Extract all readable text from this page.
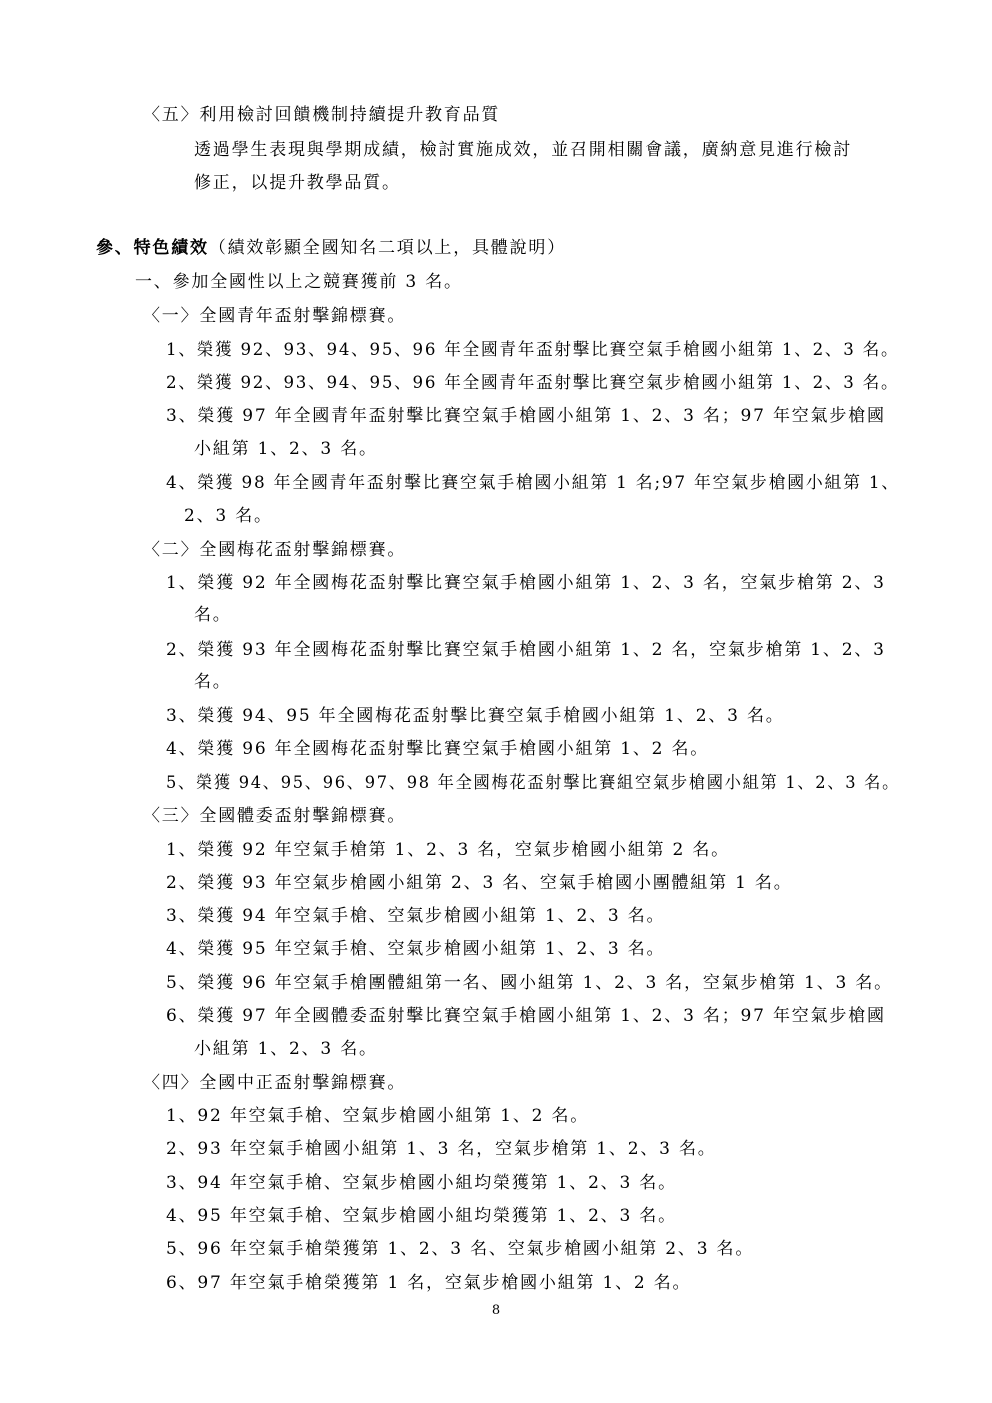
〈五〉利用檢討回饋機制持續提升教育品質
透過學生表現與學期成績，檢討實施成效，並召開相關會議，廣納意見進行檢討
修正，以提升教學品質。
參、特色績效（績效彰顯全國知名二項以上，具體說明）
一、參加全國性以上之競賽獲前 3 名。
〈一〉全國青年盃射擊錦標賽。
1、榮獲 92、93、94、95、96 年全國青年盃射擊比賽空氣手槍國小組第 1、2、3 名。
2、榮獲 92、93、94、95、96 年全國青年盃射擊比賽空氣步槍國小組第 1、2、3 名。
3、榮獲 97 年全國青年盃射擊比賽空氣手槍國小組第 1、2、3 名；97 年空氣步槍國
小組第 1、2、3 名。
4、榮獲 98 年全國青年盃射擊比賽空氣手槍國小組第 1 名;97 年空氣步槍國小組第 1、
2、3 名。
〈二〉全國梅花盃射擊錦標賽。
1、榮獲 92 年全國梅花盃射擊比賽空氣手槍國小組第 1、2、3 名，空氣步槍第 2、3
名。
2、榮獲 93 年全國梅花盃射擊比賽空氣手槍國小組第 1、2 名，空氣步槍第 1、2、3
名。
3、榮獲 94、95 年全國梅花盃射擊比賽空氣手槍國小組第 1、2、3 名。
4、榮獲 96 年全國梅花盃射擊比賽空氣手槍國小組第 1、2 名。
5、榮獲 94、95、96、97、98 年全國梅花盃射擊比賽組空氣步槍國小組第 1、2、3 名。
〈三〉全國體委盃射擊錦標賽。
1、榮獲 92 年空氣手槍第 1、2、3 名，空氣步槍國小組第 2 名。
2、榮獲 93 年空氣步槍國小組第 2、3 名、空氣手槍國小團體組第 1 名。
3、榮獲 94 年空氣手槍、空氣步槍國小組第 1、2、3 名。
4、榮獲 95 年空氣手槍、空氣步槍國小組第 1、2、3 名。
5、榮獲 96 年空氣手槍團體組第一名、國小組第 1、2、3 名，空氣步槍第 1、3 名。
6、榮獲 97 年全國體委盃射擊比賽空氣手槍國小組第 1、2、3 名；97 年空氣步槍國
小組第 1、2、3 名。
〈四〉全國中正盃射擊錦標賽。
1、92 年空氣手槍、空氣步槍國小組第 1、2 名。
2、93 年空氣手槍國小組第 1、3 名，空氣步槍第 1、2、3 名。
3、94 年空氣手槍、空氣步槍國小組均榮獲第 1、2、3 名。
4、95 年空氣手槍、空氣步槍國小組均榮獲第 1、2、3 名。
5、96 年空氣手槍榮獲第 1、2、3 名、空氣步槍國小組第 2、3 名。
6、97 年空氣手槍榮獲第 1 名，空氣步槍國小組第 1、2 名。
8
